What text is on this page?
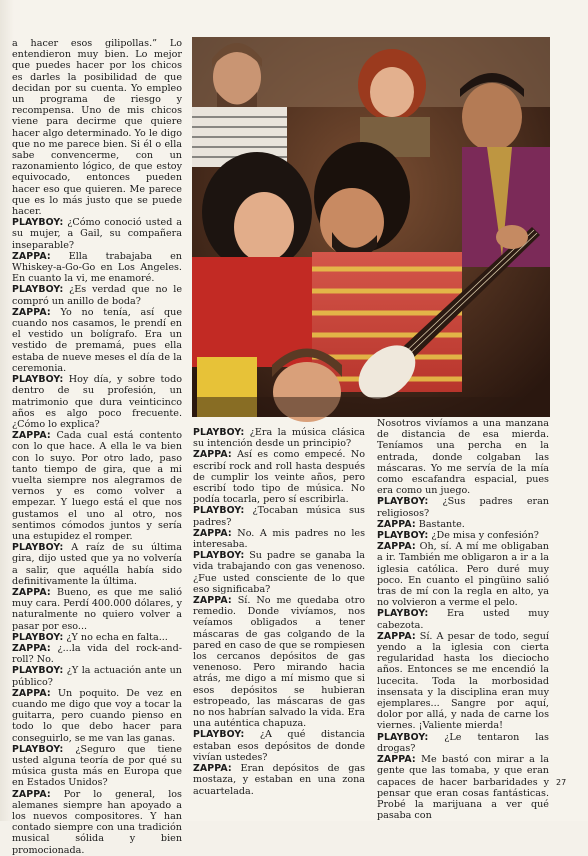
a hacer esos gilipollas.” Lo entendieron muy bien. Lo mejor que puedes hacer por los chicos es darles la posibilidad de que decidan por su cuenta. Yo empleo un programa de riesgo y recompensa. Uno de mis chicos viene para decirme que quiere hacer algo determinado. Yo le digo que no me parece bien. Si él o ella sabe convencerme, con un razonamiento lógico, de que estoy equivocado, entonces pueden hacer eso que quieren. Me parece que es lo más justo que se puede hacer.

PLAYBOY: ¿Cómo conoció usted a su mujer, a Gail, su compañera inseparable?

ZAPPA: Ella trabajaba en Whiskey-a-Go-Go en Los Angeles. En cuanto la vi, me enamoré.

PLAYBOY: ¿Es verdad que no le compró un anillo de boda?

ZAPPA: Yo no tenía, así que cuando nos casamos, le prendí en el vestido un bolígrafo. Era un vestido de premamá, pues ella estaba de nueve meses el día de la ceremonia.

PLAYBOY: Hoy día, y sobre todo dentro de su profesión, un matrimonio que dura veinticinco años es algo poco frecuente. ¿Cómo lo explica?

ZAPPA: Cada cual está contento con lo que hace. A ella le va bien con lo suyo. Por otro lado, paso tanto tiempo de gira, que a mi vuelta siempre nos alegramos de vernos y es como volver a empezar. Y luego está el que nos gustamos el uno al otro, nos sentimos cómodos juntos y sería una estupidez el romper.

PLAYBOY: A raíz de su última gira, dijo usted que ya no volvería a salir, que aquélla había sido definitivamente la última.

ZAPPA: Bueno, es que me salió muy cara. Perdí 400.000 dólares, y naturalmente no quiero volver a pasar por eso...

PLAYBOY: ¿Y no echa en falta...

ZAPPA: ¿...la vida del rock-and-roll? No.

PLAYBOY: ¿Y la actuación ante un público?

ZAPPA: Un poquito. De vez en cuando me digo que voy a tocar la guitarra, pero cuando pienso en todo lo que debo hacer para conseguirlo, se me van las ganas.

PLAYBOY: ¿Seguro que tiene usted alguna teoría de por qué su música gusta más en Europa que en Estados Unidos?

ZAPPA: Por lo general, los alemanes siempre han apoyado a los nuevos compositores. Y han contado siempre con una tradición musical sólida y bien promocionada.

PLAYBOY: ¿Era la música clásica su intención desde un principio?

ZAPPA: Así es como empecé. No escribí rock and roll hasta después de cumplir los veinte años, pero escribí todo tipo de música. No podía tocarla, pero sí escribirla.

PLAYBOY: ¿Tocaban música sus padres?

ZAPPA: No. A mis padres no les interesaba.

PLAYBOY: Su padre se ganaba la vida trabajando con gas venenoso. ¿Fue usted consciente de lo que eso significaba?

ZAPPA: Sí. No me quedaba otro remedio. Donde vivíamos, nos veíamos obligados a tener máscaras de gas colgando de la pared en caso de que se rompiesen los cercanos depósitos de gas venenoso. Pero mirando hacia atrás, me digo a mí mismo que si esos depósitos se hubieran estropeado, las máscaras de gas no nos habrían salvado la vida. Era una auténtica chapuza.

PLAYBOY: ¿A qué distancia estaban esos depósitos de donde vivían ustedes?

ZAPPA: Eran depósitos de gas mostaza, y estaban en una zona acuartelada.

Nosotros vivíamos a una manzana de distancia de esa mierda. Teníamos una percha en la entrada, donde colgaban las máscaras. Yo me servía de la mía como escafandra espacial, pues era como un juego.

PLAYBOY: ¿Sus padres eran religiosos?

ZAPPA: Bastante.

PLAYBOY: ¿De misa y confesión?

ZAPPA: Oh, sí. A mí me obligaban a ir. También me obligaron a ir a la iglesia católica. Pero duré muy poco. En cuanto el pingüino salió tras de mí con la regla en alto, ya no volvieron a verme el pelo.

PLAYBOY: Era usted muy cabezota.

ZAPPA: Sí. A pesar de todo, seguí yendo a la iglesia con cierta regularidad hasta los dieciocho años. Entonces se me encendió la lucecita. Toda la morbosidad insensata y la disciplina eran muy ejemplares... Sangre por aquí, dolor por allá, y nada de carne los viernes. ¡Valiente mierda!

PLAYBOY: ¿Le tentaron las drogas?

ZAPPA: Me bastó con mirar a la gente que las tomaba, y que eran capaces de hacer barbaridades y pensar que eran cosas fantásticas. Probé la marijuana a ver qué pasaba con

27
